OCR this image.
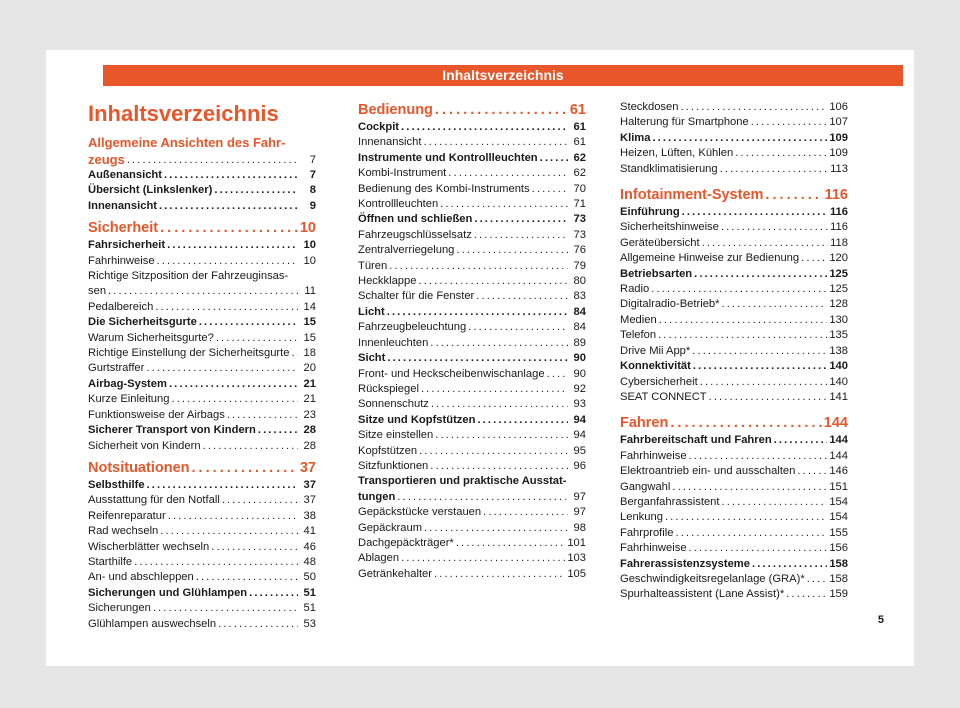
Inhaltsverzeichnis
Inhaltsverzeichnis
Allgemeine Ansichten des Fahr-
zeugs . . .	7
Außenansicht . . .	7
Übersicht (Linkslenker) . . .	8
Innenansicht . . .	9
Sicherheit . . .	10
Fahrsicherheit . . .	10
Fahrhinweise . . .	10
Richtige Sitzposition der Fahrzeuginsas-
sen . . .	11
Pedalbereich . . .	14
Die Sicherheitsgurte . . .	15
Warum Sicherheitsgurte? . . .	15
Richtige Einstellung der Sicherheitsgurte . . .	18
Gurtstraffer . . .	20
Airbag-System . . .	21
Kurze Einleitung . . .	21
Funktionsweise der Airbags . . .	23
Sicherer Transport von Kindern . . .	28
Sicherheit von Kindern . . .	28
Notsituationen . . .	37
Selbsthilfe . . .	37
Ausstattung für den Notfall . . .	37
Reifenreparatur . . .	38
Rad wechseln . . .	41
Wischerblätter wechseln . . .	46
Starthilfe . . .	48
An- und abschleppen . . .	50
Sicherungen und Glühlampen . . .	51
Sicherungen . . .	51
Glühlampen auswechseln . . .	53
Bedienung . . .	61
Cockpit . . .	61
Innenansicht . . .	61
Instrumente und Kontrollleuchten . . .	62
Kombi-Instrument . . .	62
Bedienung des Kombi-Instruments . . .	70
Kontrollleuchten . . .	71
Öffnen und schließen . . .	73
Fahrzeugschlüsselsatz . . .	73
Zentralverriegelung . . .	76
Türen . . .	79
Heckklappe . . .	80
Schalter für die Fenster . . .	83
Licht . . .	84
Fahrzeugbeleuchtung . . .	84
Innenleuchten . . .	89
Sicht . . .	90
Front- und Heckscheibenwischanlage . . .	90
Rückspiegel . . .	92
Sonnenschutz . . .	93
Sitze und Kopfstützen . . .	94
Sitze einstellen . . .	94
Kopfstützen . . .	95
Sitzfunktionen . . .	96
Transportieren und praktische Ausstat-
tungen . . .	97
Gepäckstücke verstauen . . .	97
Gepäckraum . . .	98
Dachgepäckträger* . . .	101
Ablagen . . .	103
Getränkehalter . . .	105
Steckdosen . . .	106
Halterung für Smartphone . . .	107
Klima . . .	109
Heizen, Lüften, Kühlen . . .	109
Standklimatisierung . . .	113
Infotainment-System . . .	116
Einführung . . .	116
Sicherheitshinweise . . .	116
Geräteübersicht . . .	118
Allgemeine Hinweise zur Bedienung . . .	120
Betriebsarten . . .	125
Radio . . .	125
Digitalradio-Betrieb* . . .	128
Medien . . .	130
Telefon . . .	135
Drive Mii App* . . .	138
Konnektivität . . .	140
Cybersicherheit . . .	140
SEAT CONNECT . . .	141
Fahren . . .	144
Fahrbereitschaft und Fahren . . .	144
Fahrhinweise . . .	144
Elektroantrieb ein- und ausschalten . . .	146
Gangwahl . . .	151
Berganfahrassistent . . .	154
Lenkung . . .	154
Fahrprofile . . .	155
Fahrhinweise . . .	156
Fahrerassistenzsysteme . . .	158
Geschwindigkeitsregelanlage (GRA)* . . . 158
Spurhalteassistent (Lane Assist)* . . .	159
5
